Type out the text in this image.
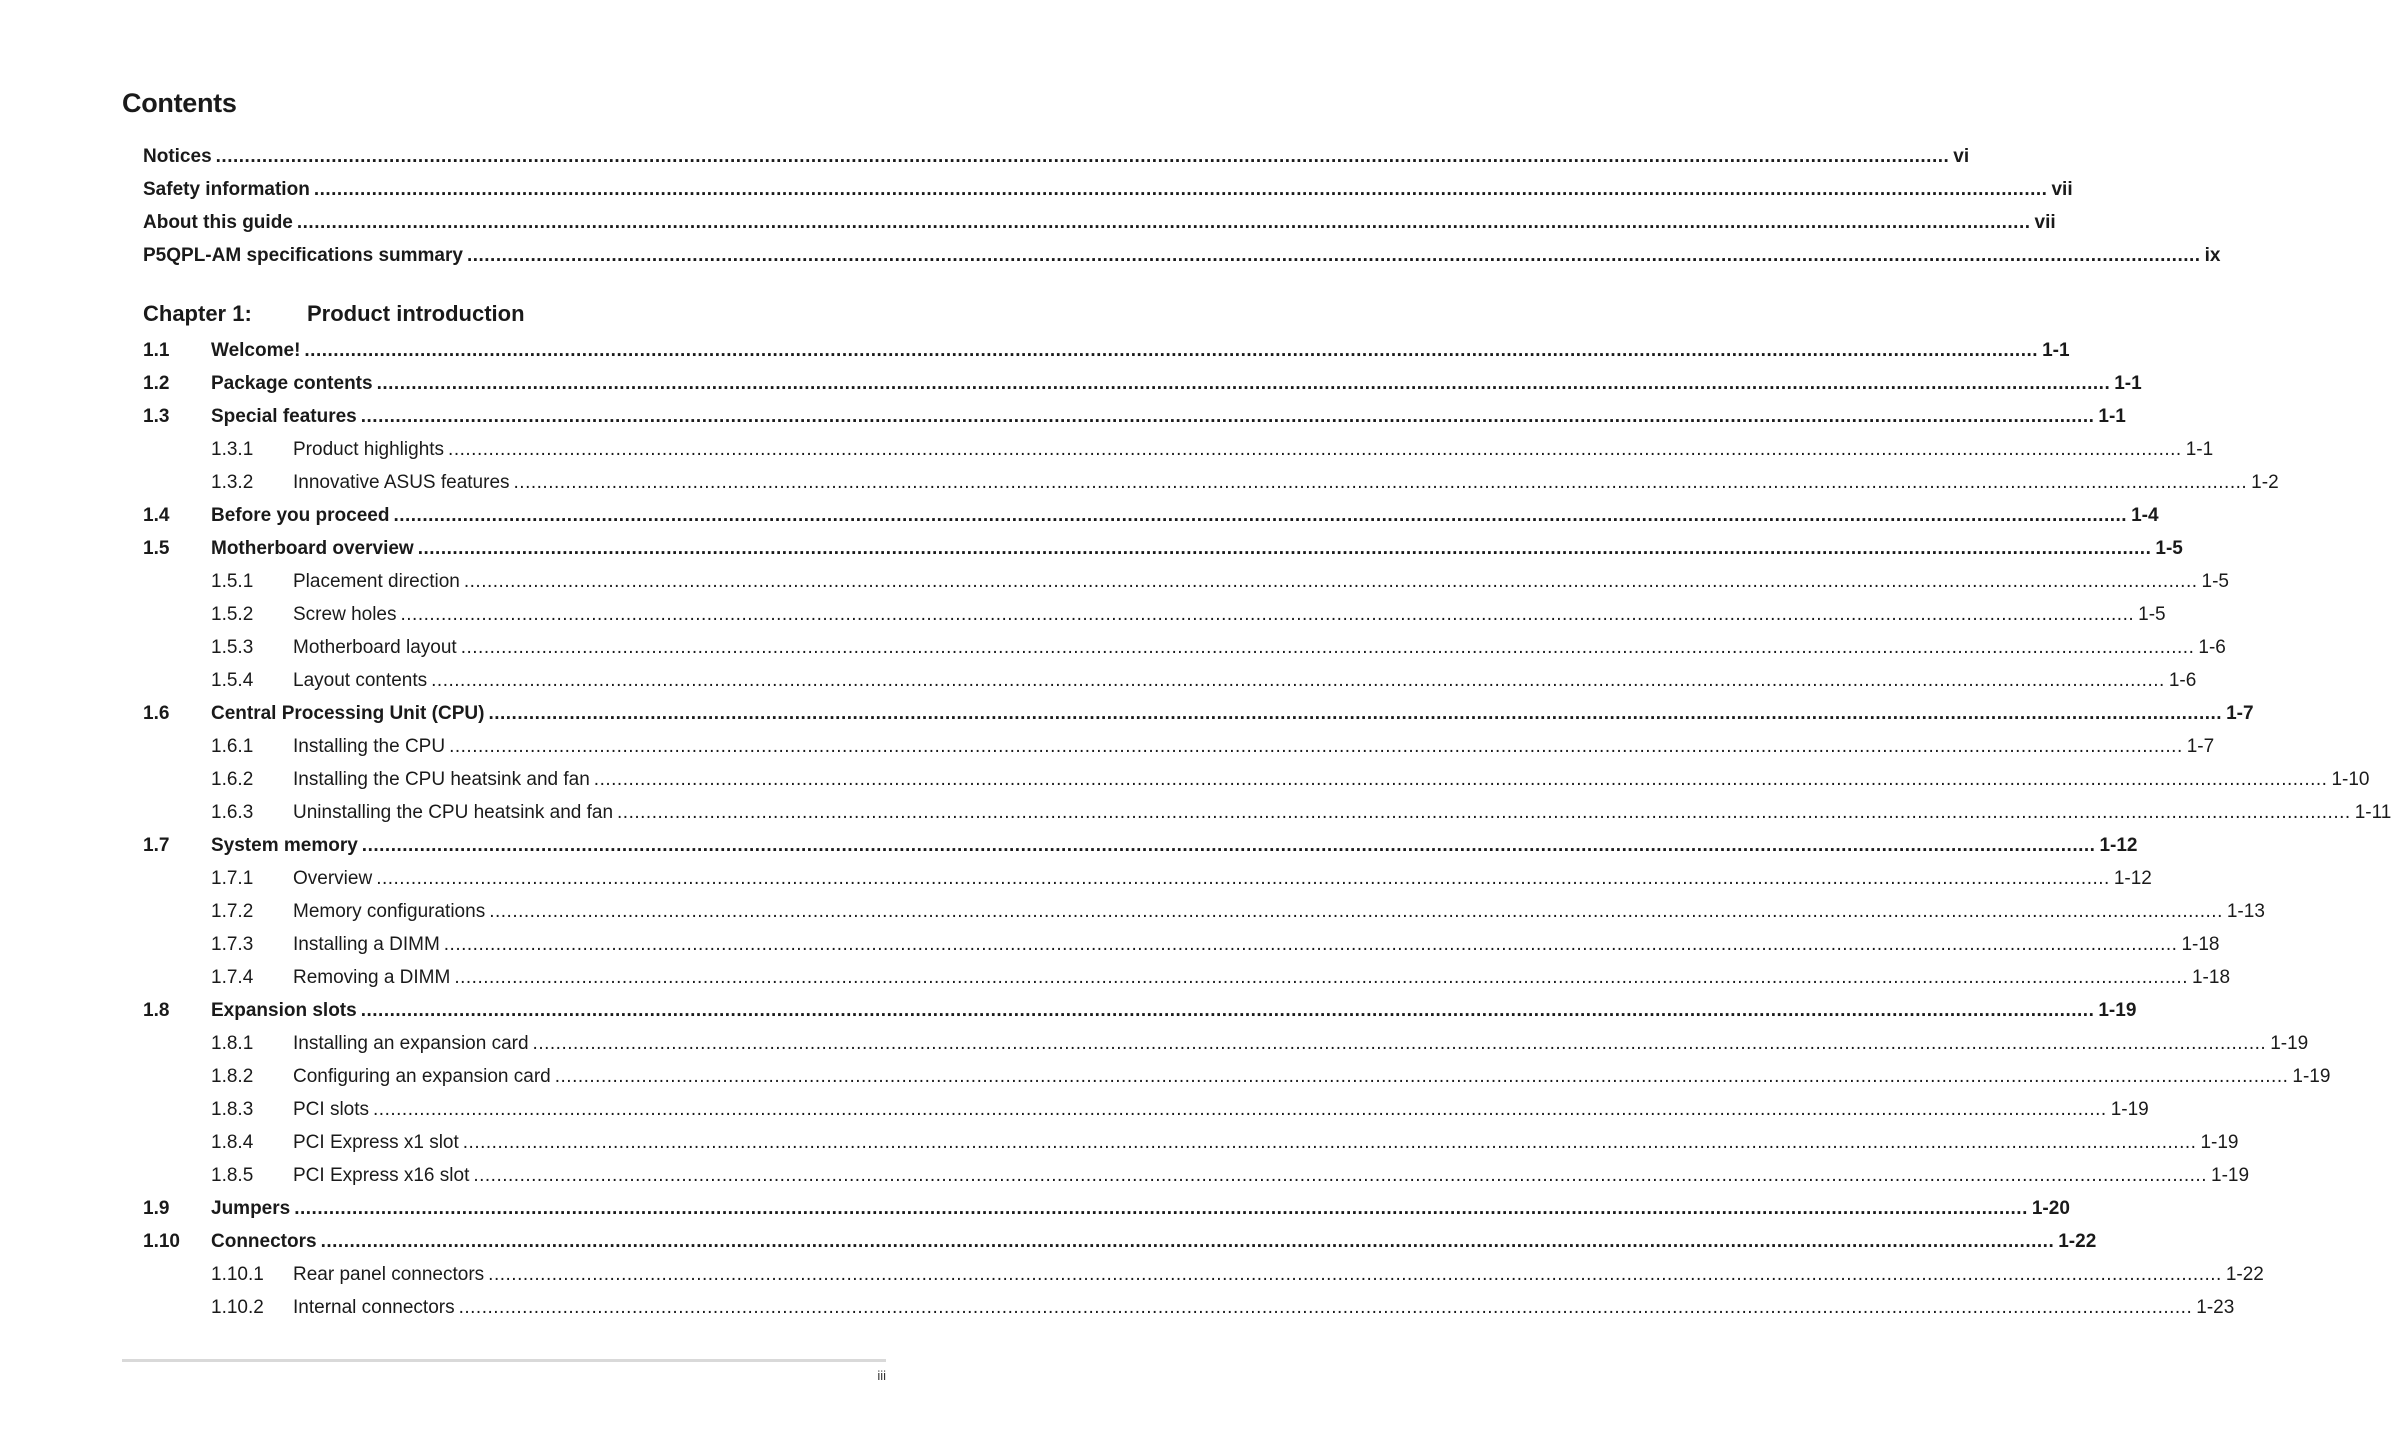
Contents
Notices ............................................................................................................................................................................................................................................................................................................ vi
Safety information ............................................................................................................................................................................................................................................................................................................ vii
About this guide ............................................................................................................................................................................................................................................................................................................ vii
P5QPL-AM specifications summary ............................................................................................................................................................................................................................................................................................................ ix
Chapter 1:	Product introduction
1.1	Welcome! ............................................................................................................................................................................................................................................................................................................ 1-1
1.2	Package contents ............................................................................................................................................................................................................................................................................................................ 1-1
1.3	Special features ............................................................................................................................................................................................................................................................................................................ 1-1
1.3.1	Product highlights ............................................................................................................................................................................................................................................................................................................ 1-1
1.3.2	Innovative ASUS features ............................................................................................................................................................................................................................................................................................................ 1-2
1.4	Before you proceed ............................................................................................................................................................................................................................................................................................................ 1-4
1.5	Motherboard overview ............................................................................................................................................................................................................................................................................................................ 1-5
1.5.1	Placement direction ............................................................................................................................................................................................................................................................................................................ 1-5
1.5.2	Screw holes ............................................................................................................................................................................................................................................................................................................ 1-5
1.5.3	Motherboard layout ............................................................................................................................................................................................................................................................................................................ 1-6
1.5.4	Layout contents ............................................................................................................................................................................................................................................................................................................ 1-6
1.6	Central Processing Unit (CPU) ............................................................................................................................................................................................................................................................................................................ 1-7
1.6.1	Installing the CPU ............................................................................................................................................................................................................................................................................................................ 1-7
1.6.2	Installing the CPU heatsink and fan ............................................................................................................................................................................................................................................................................................................ 1-10
1.6.3	Uninstalling the CPU heatsink and fan ............................................................................................................................................................................................................................................................................................................ 1-11
1.7	System memory ............................................................................................................................................................................................................................................................................................................ 1-12
1.7.1	Overview ............................................................................................................................................................................................................................................................................................................ 1-12
1.7.2	Memory configurations ............................................................................................................................................................................................................................................................................................................ 1-13
1.7.3	Installing a DIMM ............................................................................................................................................................................................................................................................................................................ 1-18
1.7.4	Removing a DIMM ............................................................................................................................................................................................................................................................................................................ 1-18
1.8	Expansion slots ............................................................................................................................................................................................................................................................................................................ 1-19
1.8.1	Installing an expansion card ............................................................................................................................................................................................................................................................................................................ 1-19
1.8.2	Configuring an expansion card ............................................................................................................................................................................................................................................................................................................ 1-19
1.8.3	PCI slots ............................................................................................................................................................................................................................................................................................................ 1-19
1.8.4	PCI Express x1 slot ............................................................................................................................................................................................................................................................................................................ 1-19
1.8.5	PCI Express x16 slot ............................................................................................................................................................................................................................................................................................................ 1-19
1.9	Jumpers ............................................................................................................................................................................................................................................................................................................ 1-20
1.10	Connectors ............................................................................................................................................................................................................................................................................................................ 1-22
1.10.1	Rear panel connectors ............................................................................................................................................................................................................................................................................................................ 1-22
1.10.2	Internal connectors ............................................................................................................................................................................................................................................................................................................ 1-23
iii
